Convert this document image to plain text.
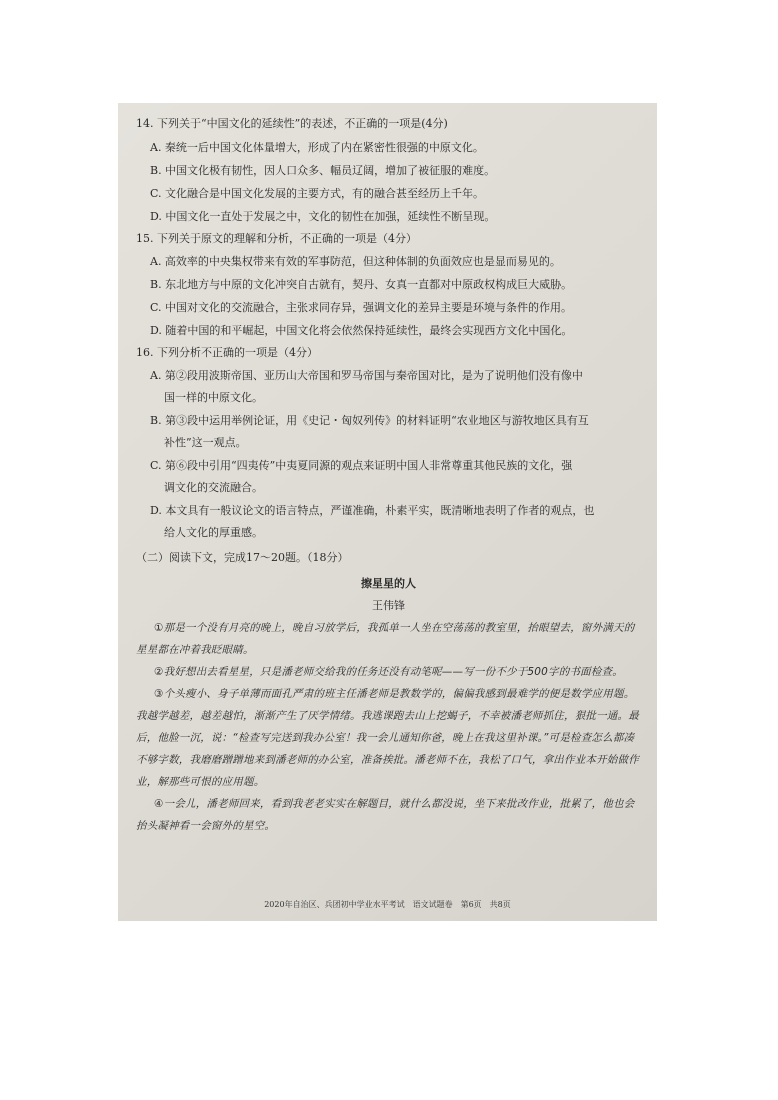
14. 下列关于“中国文化的延续性”的表述，不正确的一项是(4分)
A. 秦统一后中国文化体量增大，形成了内在紧密性很强的中原文化。
B. 中国文化极有韧性，因人口众多、幅员辽阔，增加了被征服的难度。
C. 文化融合是中国文化发展的主要方式，有的融合甚至经历上千年。
D. 中国文化一直处于发展之中，文化的韧性在加强，延续性不断呈现。
15. 下列关于原文的理解和分析，不正确的一项是（4分）
A. 高效率的中央集权带来有效的军事防范，但这种体制的负面效应也是显而易见的。
B. 东北地方与中原的文化冲突自古就有，契丹、女真一直都对中原政权构成巨大威胁。
C. 中国对文化的交流融合，主张求同存异，强调文化的差异主要是环境与条件的作用。
D. 随着中国的和平崛起，中国文化将会依然保持延续性，最终会实现西方文化中国化。
16. 下列分析不正确的一项是（4分）
A. 第②段用波斯帝国、亚历山大帝国和罗马帝国与秦帝国对比，是为了说明他们没有像中
国一样的中原文化。
B. 第③段中运用举例论证，用《史记・匈奴列传》的材料证明“农业地区与游牧地区具有互
补性”这一观点。
C. 第⑥段中引用“四夷传”中夷夏同源的观点来证明中国人非常尊重其他民族的文化，强
调文化的交流融合。
D. 本文具有一般议论文的语言特点，严谨准确，朴素平实，既清晰地表明了作者的观点，也
给人文化的厚重感。
（二）阅读下文，完成17～20题。（18分）
擦星星的人
王伟锋
①那是一个没有月亮的晚上，晚自习放学后，我孤单一人坐在空荡荡的教室里，抬眼望去，窗外满天的星星都在冲着我眨眼睛。
②我好想出去看星星，只是潘老师交给我的任务还没有动笔呢——写一份不少于500字的书面检查。
③个头瘦小、身子单薄而面孔严肃的班主任潘老师是教数学的，偏偏我感到最难学的便是数学应用题。我越学越差，越差越怕，渐渐产生了厌学情绪。我逃课跑去山上挖蝎子，不幸被潘老师抓住，狠批一通。最后，他脸一沉，说：“检查写完送到我办公室！我一会儿通知你爸，晚上在我这里补课。”可是检查怎么都凑不够字数，我磨磨蹭蹭地来到潘老师的办公室，准备挨批。潘老师不在，我松了口气，拿出作业本开始做作业，解那些可恨的应用题。
④一会儿，潘老师回来，看到我老老实实在解题目，就什么都没说，坐下来批改作业，批累了，他也会抬头凝神看一会窗外的星空。
2020年自治区、兵团初中学业水平考试　语文试题卷　第6页　共8页
